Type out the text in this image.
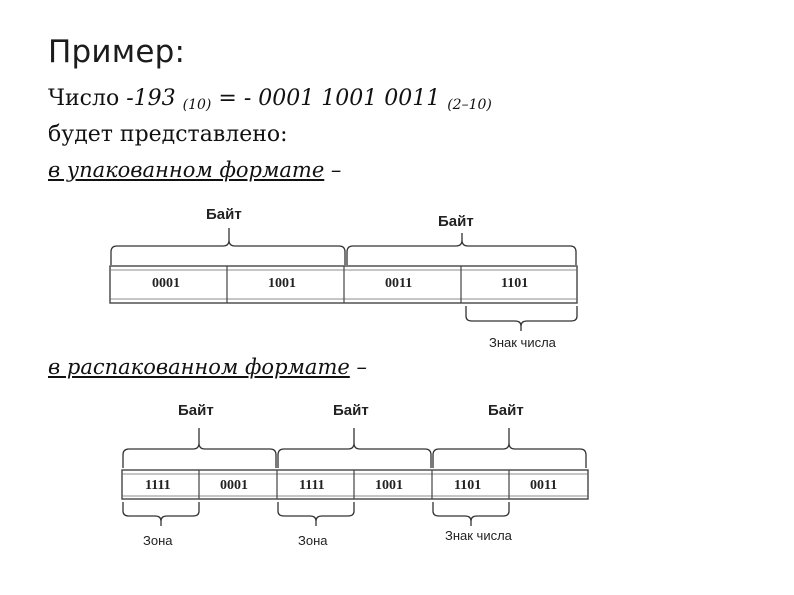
Пример:
Число -193 (10) = - 0001 1001 0011 (2–10)
будет представлено:
в упакованном формате –
в распакованном формате –
Байт	Байт
0001	1001	0011	1101
Знак числа
Байт	Байт	Байт
1111	0001	1111	1001	1101	0011
Зона	Зона	Знак числа
